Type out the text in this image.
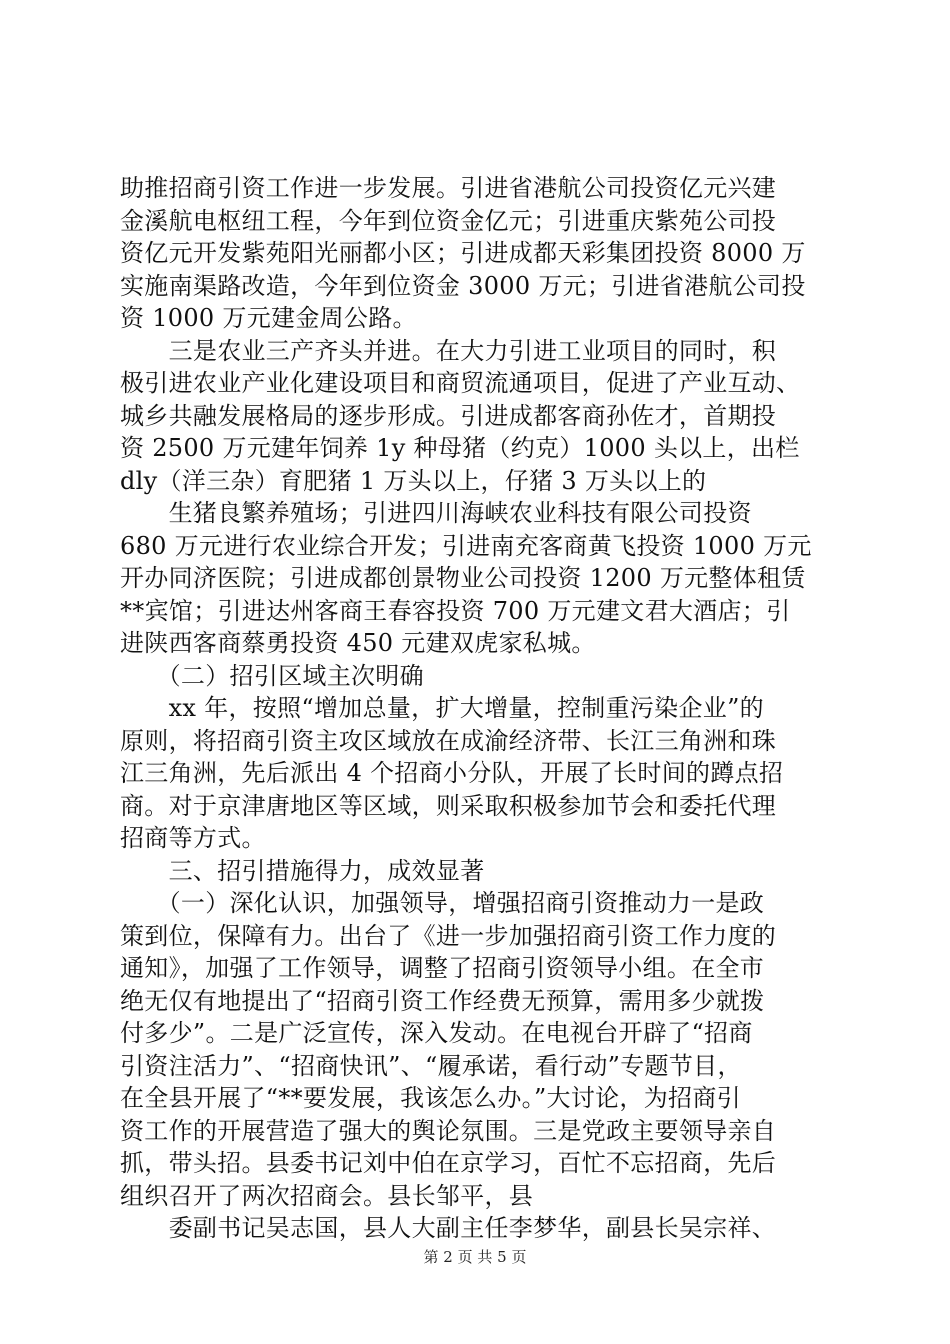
助推招商引资工作进一步发展。引进省港航公司投资亿元兴建
金溪航电枢纽工程，今年到位资金亿元；引进重庆紫苑公司投
资亿元开发紫苑阳光丽都小区；引进成都天彩集团投资 8000 万
实施南渠路改造，今年到位资金 3000 万元；引进省港航公司投
资 1000 万元建金周公路。
　　三是农业三产齐头并进。在大力引进工业项目的同时，积
极引进农业产业化建设项目和商贸流通项目，促进了产业互动、
城乡共融发展格局的逐步形成。引进成都客商孙佐才，首期投
资 2500 万元建年饲养 1y 种母猪（约克）1000 头以上，出栏
dly（洋三杂）育肥猪 1 万头以上，仔猪 3 万头以上的
　　生猪良繁养殖场；引进四川海峡农业科技有限公司投资
680 万元进行农业综合开发；引进南充客商黄飞投资 1000 万元
开办同济医院；引进成都创景物业公司投资 1200 万元整体租赁
**宾馆；引进达州客商王春容投资 700 万元建文君大酒店；引
进陕西客商蔡勇投资 450 元建双虎家私城。
　　（二）招引区域主次明确
　　xx 年，按照“增加总量，扩大增量，控制重污染企业”的
原则，将招商引资主攻区域放在成渝经济带、长江三角洲和珠
江三角洲，先后派出 4 个招商小分队，开展了长时间的蹲点招
商。对于京津唐地区等区域，则采取积极参加节会和委托代理
招商等方式。
　　三、招引措施得力，成效显著
　　（一）深化认识，加强领导，增强招商引资推动力一是政
策到位，保障有力。出台了《进一步加强招商引资工作力度的
通知》，加强了工作领导，调整了招商引资领导小组。在全市
绝无仅有地提出了“招商引资工作经费无预算，需用多少就拨
付多少”。二是广泛宣传，深入发动。在电视台开辟了“招商
引资注活力”、“招商快讯”、“履承诺，看行动”专题节目，
在全县开展了“**要发展，我该怎么办。”大讨论，为招商引
资工作的开展营造了强大的舆论氛围。三是党政主要领导亲自
抓，带头招。县委书记刘中伯在京学习，百忙不忘招商，先后
组织召开了两次招商会。县长邹平，县
　　委副书记吴志国，县人大副主任李梦华，副县长吴宗祥、
第 2 页 共 5 页
